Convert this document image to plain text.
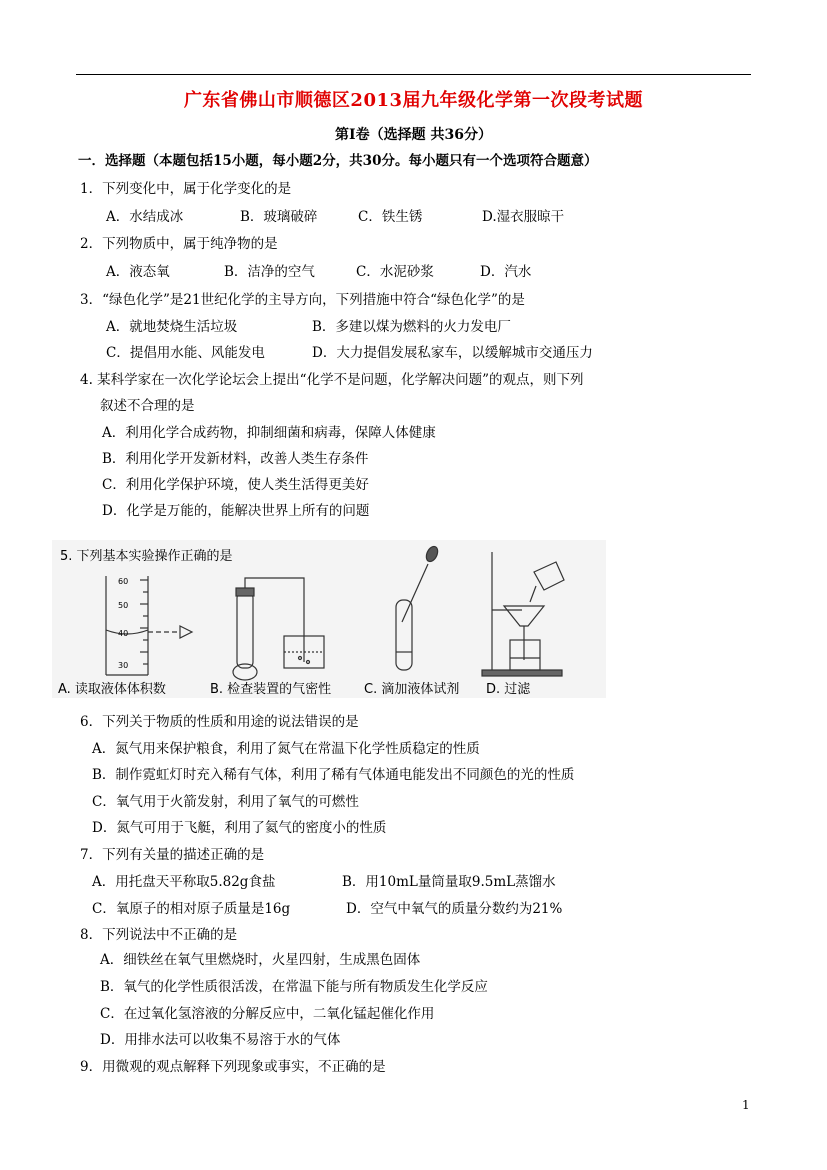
广东省佛山市顺德区2013届九年级化学第一次段考试题
第Ⅰ卷（选择题 共36分）
一．选择题（本题包括15小题，每小题2分，共30分。每小题只有一个选项符合题意）
1．下列变化中，属于化学变化的是
A．水结成冰	B．玻璃破碎	C．铁生锈	D.湿衣服晾干
2．下列物质中，属于纯净物的是
A．液态氧	B．洁净的空气	C．水泥砂浆	D．汽水
3．“绿色化学”是21世纪化学的主导方向，下列措施中符合“绿色化学”的是
A．就地焚烧生活垃圾	B．多建以煤为燃料的火力发电厂
C．提倡用水能、风能发电	D．大力提倡发展私家车，以缓解城市交通压力
4. 某科学家在一次化学论坛会上提出“化学不是问题，化学解决问题”的观点，则下列
叙述不合理的是
A．利用化学合成药物，抑制细菌和病毒，保障人体健康
B．利用化学开发新材料，改善人类生存条件
C．利用化学保护环境，使人类生活得更美好
D．化学是万能的，能解决世界上所有的问题
5. 下列基本实验操作正确的是
60
50
40
30
A. 读取液体体积数	B. 检查装置的气密性	C. 滴加液体试剂 D. 过滤
6．下列关于物质的性质和用途的说法错误的是
A．氮气用来保护粮食，利用了氮气在常温下化学性质稳定的性质
B．制作霓虹灯时充入稀有气体，利用了稀有气体通电能发出不同颜色的光的性质
C．氧气用于火箭发射，利用了氧气的可燃性
D．氮气可用于飞艇，利用了氦气的密度小的性质
7．下列有关量的描述正确的是
A．用托盘天平称取5.82g食盐	B．用10mL量筒量取9.5mL蒸馏水
C．氧原子的相对原子质量是16g	D．空气中氧气的质量分数约为21%
8．下列说法中不正确的是
A．细铁丝在氧气里燃烧时，火星四射，生成黑色固体
B．氧气的化学性质很活泼，在常温下能与所有物质发生化学反应
C．在过氧化氢溶液的分解反应中，二氧化锰起催化作用
D．用排水法可以收集不易溶于水的气体
9．用微观的观点解释下列现象或事实，不正确的是
1
